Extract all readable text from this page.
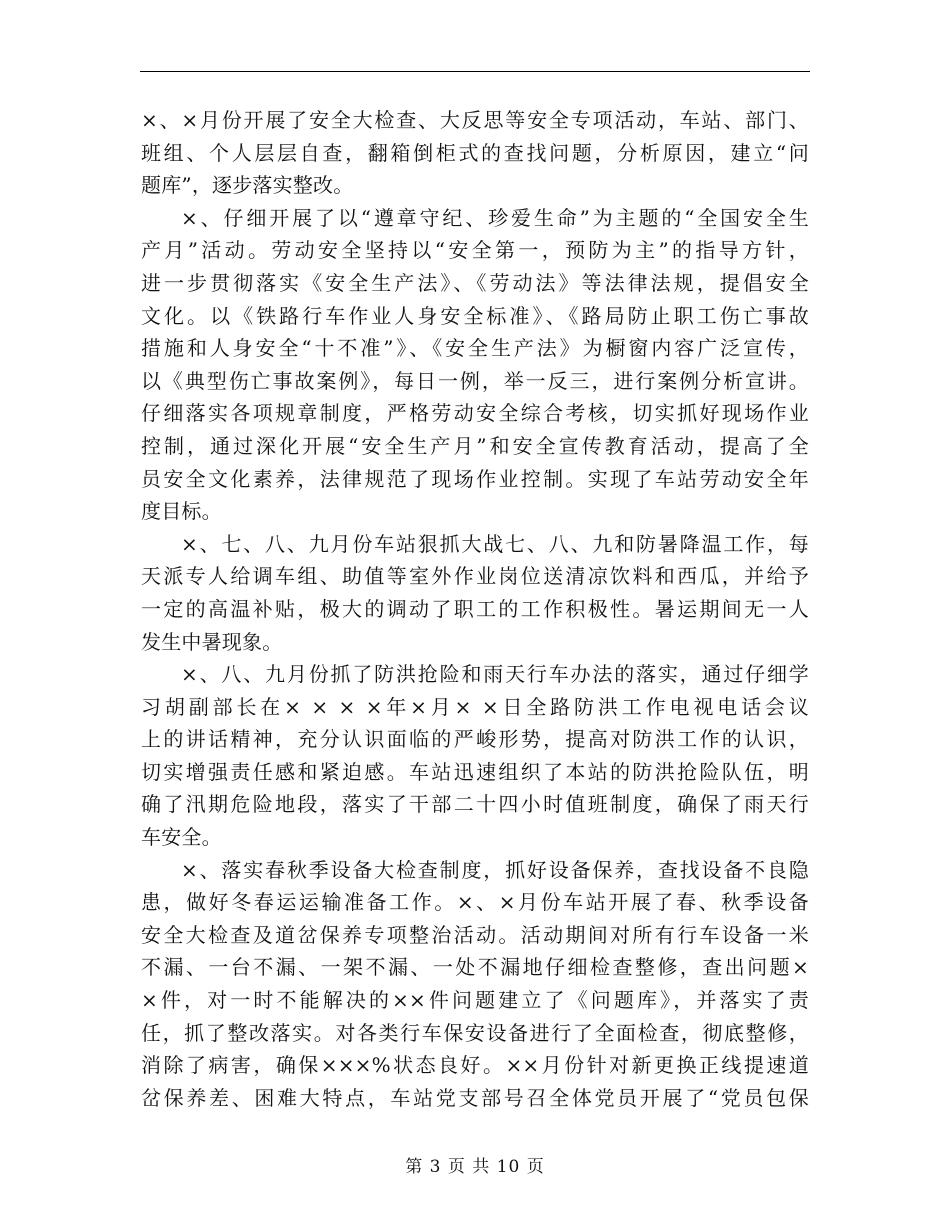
×、×月份开展了安全大检查、大反思等安全专项活动，车站、部门、
班组、个人层层自查，翻箱倒柜式的查找问题，分析原因，建立“问
题库”，逐步落实整改。
×、仔细开展了以“遵章守纪、珍爱生命”为主题的“全国安全生
产月”活动。劳动安全坚持以“安全第一，预防为主”的指导方针，
进一步贯彻落实《安全生产法》、《劳动法》等法律法规，提倡安全
文化。以《铁路行车作业人身安全标准》、《路局防止职工伤亡事故
措施和人身安全“十不准”》、《安全生产法》为橱窗内容广泛宣传，
以《典型伤亡事故案例》，每日一例，举一反三，进行案例分析宣讲。
仔细落实各项规章制度，严格劳动安全综合考核，切实抓好现场作业
控制，通过深化开展“安全生产月”和安全宣传教育活动，提高了全
员安全文化素养，法律规范了现场作业控制。实现了车站劳动安全年
度目标。
×、七、八、九月份车站狠抓大战七、八、九和防暑降温工作，每
天派专人给调车组、助值等室外作业岗位送清凉饮料和西瓜，并给予
一定的高温补贴，极大的调动了职工的工作积极性。暑运期间无一人
发生中暑现象。
×、八、九月份抓了防洪抢险和雨天行车办法的落实，通过仔细学
习胡副部长在× × × ×年×月× ×日全路防洪工作电视电话会议
上的讲话精神，充分认识面临的严峻形势，提高对防洪工作的认识，
切实增强责任感和紧迫感。车站迅速组织了本站的防洪抢险队伍，明
确了汛期危险地段，落实了干部二十四小时值班制度，确保了雨天行
车安全。
×、落实春秋季设备大检查制度，抓好设备保养，查找设备不良隐
患，做好冬春运运输准备工作。×、×月份车站开展了春、秋季设备
安全大检查及道岔保养专项整治活动。活动期间对所有行车设备一米
不漏、一台不漏、一架不漏、一处不漏地仔细检查整修，查出问题×
×件，对一时不能解决的××件问题建立了《问题库》，并落实了责
任，抓了整改落实。对各类行车保安设备进行了全面检查，彻底整修，
消除了病害，确保×××%状态良好。××月份针对新更换正线提速道
岔保养差、困难大特点，车站党支部号召全体党员开展了“党员包保
第 3 页 共 10 页
